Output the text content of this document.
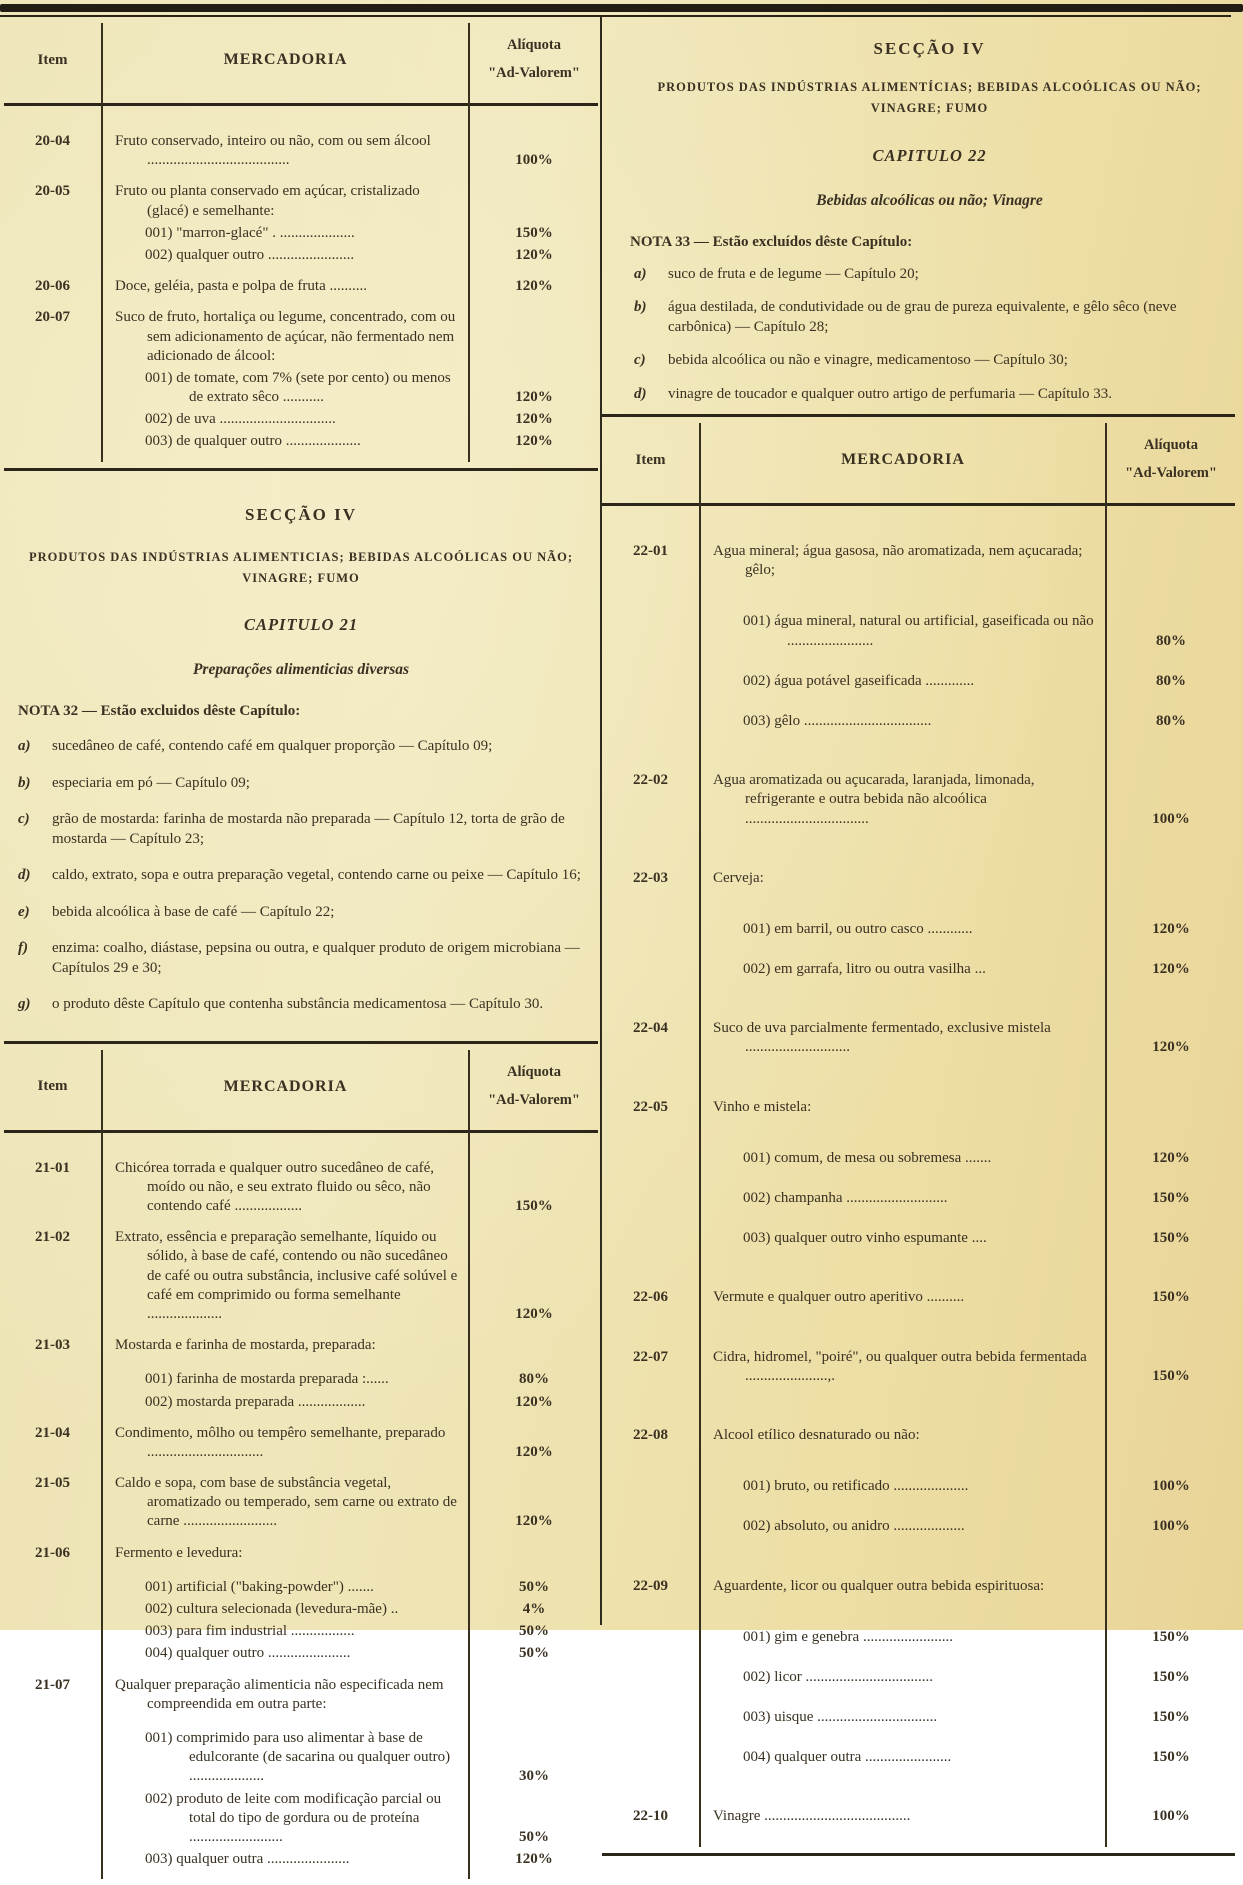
Item	MERCADORIA
Alíquota
"Ad-Valorem"
20-04	Fruto conservado, inteiro ou não, com ou sem álcool ......................................	100%
20-05	Fruto ou planta conservado em açúcar, cristalizado (glacé) e semelhante:
001) "marron-glacé" . ....................	150%
002) qualquer outro .......................	120%
20-06	Doce, geléia, pasta e polpa de fruta ..........	120%
20-07	Suco de fruto, hortaliça ou legume, concentrado, com ou sem adicionamento de açúcar, não fermentado nem adicionado de álcool:
001) de tomate, com 7% (sete por cento) ou menos de extrato sêco ...........	120%
002) de uva ...............................	120%
003) de qualquer outro ....................	120%
SECÇÃO IV
PRODUTOS DAS INDÚSTRIAS ALIMENTICIAS; BEBIDAS ALCOÓLICAS OU NÃO;
VINAGRE; FUMO
CAPITULO 21
Preparações alimenticias diversas
NOTA 32 — Estão excluidos dêste Capítulo:
a)	sucedâneo de café, contendo café em qualquer proporção — Capítulo 09;
b)	especiaria em pó — Capítulo 09;
c)	grão de mostarda: farinha de mostarda não preparada — Capítulo 12, torta de grão de mostarda — Capítulo 23;
d)	caldo, extrato, sopa e outra preparação vegetal, contendo carne ou peixe — Capítulo 16;
e)	bebida alcoólica à base de café — Capítulo 22;
f)	enzima: coalho, diástase, pepsina ou outra, e qualquer produto de origem microbiana — Capítulos 29 e 30;
g)	o produto dêste Capítulo que contenha substância medicamentosa — Capítulo 30.
Item	MERCADORIA
Alíquota
"Ad-Valorem"
21-01	Chicórea torrada e qualquer outro sucedâneo de café, moído ou não, e seu extrato fluido ou sêco, não contendo café ..................	150%
21-02	Extrato, essência e preparação semelhante, líquido ou sólido, à base de café, contendo ou não sucedâneo de café ou outra substância, inclusive café solúvel e café em comprimido ou forma semelhante ....................	120%
21-03	Mostarda e farinha de mostarda, preparada:
001) farinha de mostarda preparada :......	80%
002) mostarda preparada ..................	120%
21-04	Condimento, môlho ou tempêro semelhante, preparado ...............................	120%
21-05	Caldo e sopa, com base de substância vegetal, aromatizado ou temperado, sem carne ou extrato de carne .........................	120%
21-06	Fermento e levedura:
001) artificial ("baking-powder") .......	50%
002) cultura selecionada (levedura-mãe) ..	4%
003) para fim industrial .................	50%
004) qualquer outro ......................	50%
21-07	Qualquer preparação alimenticia não especificada nem compreendida em outra parte:
001) comprimido para uso alimentar à base de edulcorante (de sacarina ou qualquer outro) ....................	30%
002) produto de leite com modificação parcial ou total do tipo de gordura ou de proteína .........................	50%
003) qualquer outra ......................	120%
SECÇÃO IV
PRODUTOS DAS INDÚSTRIAS ALIMENTÍCIAS; BEBIDAS ALCOÓLICAS OU NÃO;
VINAGRE; FUMO
CAPITULO 22
Bebidas alcoólicas ou não; Vinagre
NOTA 33 — Estão excluídos dêste Capítulo:
a)	suco de fruta e de legume — Capítulo 20;
b)	água destilada, de condutividade ou de grau de pureza equivalente, e gêlo sêco (neve carbônica) — Capítulo 28;
c)	bebida alcoólica ou não e vinagre, medicamentoso — Capítulo 30;
d)	vinagre de toucador e qualquer outro artigo de perfumaria — Capítulo 33.
Item	MERCADORIA
Alíquota
"Ad-Valorem"
22-01	Agua mineral; água gasosa, não aromatizada, nem açucarada; gêlo;
001) água mineral, natural ou artificial, gaseificada ou não .......................	80%
002) água potável gaseificada .............	80%
003) gêlo ..................................	80%
22-02	Agua aromatizada ou açucarada, laranjada, limonada, refrigerante e outra bebida não alcoólica .................................	100%
22-03	Cerveja:
001) em barril, ou outro casco ............	120%
002) em garrafa, litro ou outra vasilha ...	120%
22-04	Suco de uva parcialmente fermentado, exclusive mistela ............................	120%
22-05	Vinho e mistela:
001) comum, de mesa ou sobremesa .......	120%
002) champanha ...........................	150%
003) qualquer outro vinho espumante ....	150%
22-06	Vermute e qualquer outro aperitivo ..........	150%
22-07	Cidra, hidromel, "poiré", ou qualquer outra bebida fermentada ......................,.	150%
22-08	Alcool etílico desnaturado ou não:
001) bruto, ou retificado ....................	100%
002) absoluto, ou anidro ...................	100%
22-09	Aguardente, licor ou qualquer outra bebida espirituosa:
001) gim e genebra ........................	150%
002) licor ..................................	150%
003) uisque ................................	150%
004) qualquer outra .......................	150%
22-10	Vinagre .......................................	100%
